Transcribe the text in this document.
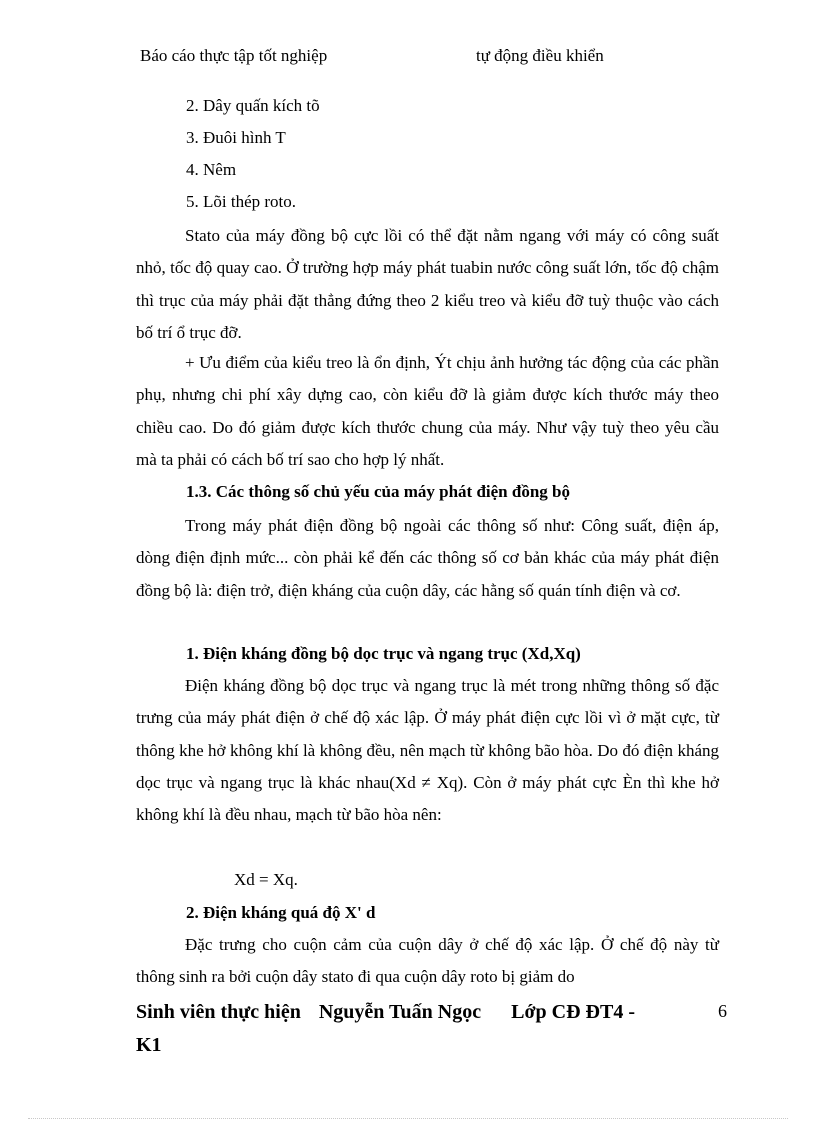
Báo cáo thực tập tốt nghiệp	tự động điều khiển
2. Dây quấn kích tõ
3. Đuôi hình T
4. Nêm
5. Lõi thép roto.
Stato của máy đồng bộ cực lồi có thể đặt nằm ngang với máy có công suất nhỏ, tốc độ quay cao. Ở trường hợp máy phát tuabin nước công suất lớn, tốc độ chậm thì trục của máy phải đặt thẳng đứng theo 2 kiểu treo và kiểu đỡ tuỳ thuộc vào cách bố trí ổ trục đỡ.
+ Ưu điểm của kiểu treo là ổn định, Ýt chịu ảnh hưởng tác động của các phần phụ, nhưng chi phí xây dựng cao, còn kiểu đỡ là giảm được kích thước máy theo chiều cao. Do đó giảm được kích thước chung của máy. Như vậy tuỳ theo yêu cầu mà ta phải có cách bố trí sao cho hợp lý nhất.
1.3. Các thông số chủ yếu của máy phát điện đồng bộ
Trong máy phát điện đồng bộ ngoài các thông số như: Công suất, điện áp, dòng điện định mức... còn phải kể đến các thông số cơ bản khác của máy phát điện đồng bộ là: điện trở, điện kháng của cuộn dây, các hằng số quán tính điện và cơ.
1. Điện kháng đồng bộ dọc trục và ngang trục (Xd,Xq)
Điện kháng đồng bộ dọc trục và ngang trục là mét trong những thông số đặc trưng của máy phát điện ở chế độ xác lập. Ở máy phát điện cực lồi vì ở mặt cực, từ thông khe hở không khí là không đều, nên mạch từ không bão hòa. Do đó điện kháng dọc trục và ngang trục là khác nhau(Xd ≠ Xq). Còn ở máy phát cực Èn thì khe hở không khí là đều nhau, mạch từ bão hòa nên:
Xd = Xq.
2. Điện kháng quá độ X' d
Đặc trưng cho cuộn cảm của cuộn dây ở chế độ xác lập. Ở chế độ này từ thông sinh ra bởi cuộn dây stato đi qua cuộn dây roto bị giảm do
Sinh viên thực hiện Nguyễn Tuấn Ngọc Lớp CĐ ĐT4 -
K1
6
